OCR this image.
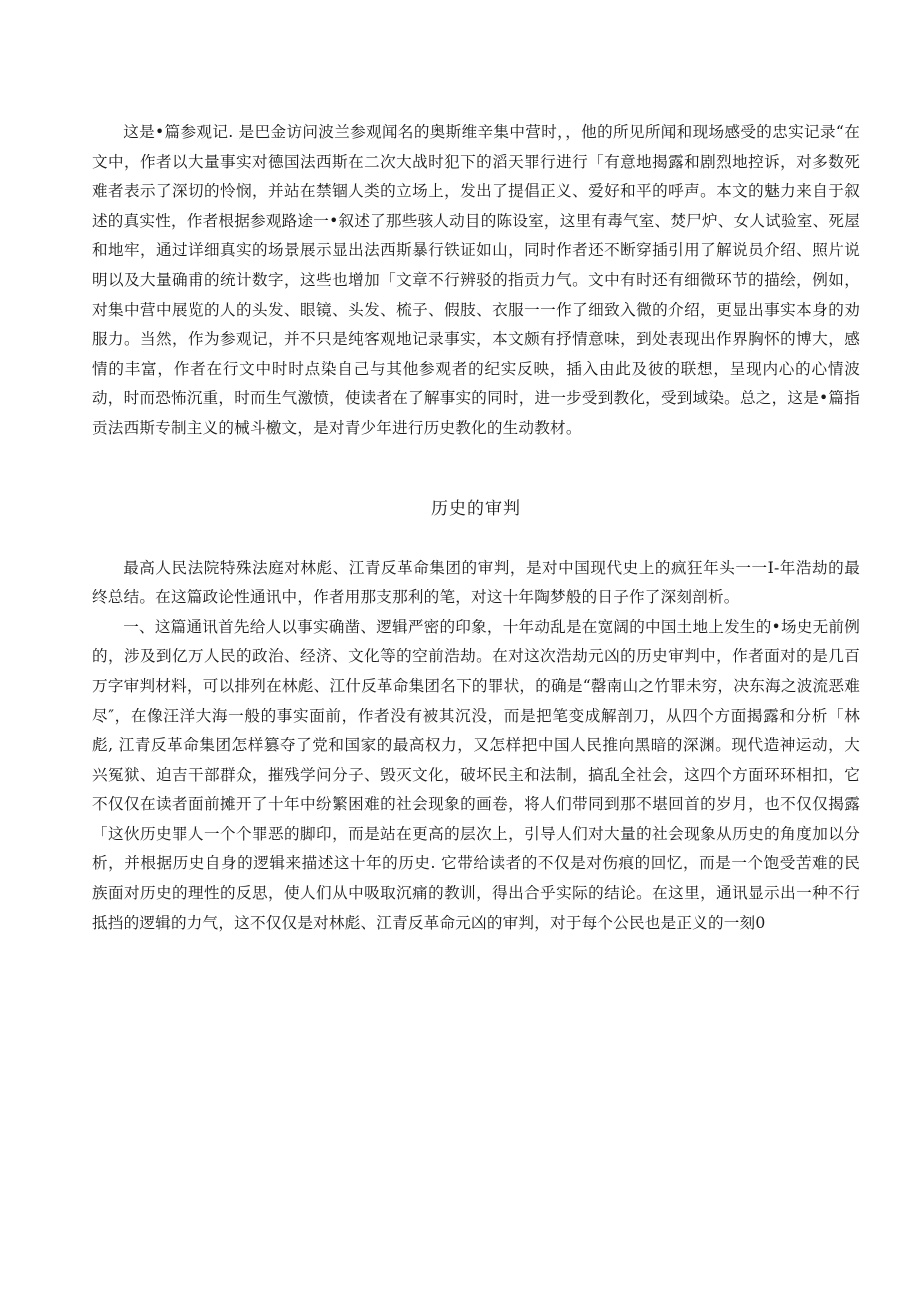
这是•篇参观记. 是巴金访问波兰参观闻名的奥斯维辛集中营时，，他的所见所闻和现场感受的忠实记录“在文中，作者以大量事实对德国法西斯在二次大战时犯下的滔天罪行进行「有意地揭露和剧烈地控诉，对多数死难者表示了深切的怜悯，并站在禁锢人类的立场上，发出了提倡正义、爱好和平的呼声。本文的魅力来自于叙述的真实性，作者根据参观路途一•叙述了那些骇人动目的陈设室，这里有毒气室、焚尸炉、女人试验室、死屋和地牢，通过详细真实的场景展示显出法西斯暴行铁证如山，同时作者还不断穿插引用了解说员介绍、照片说明以及大量确甫的统计数字，这些也增加「文章不行辨驳的指贡力气。文中有时还有细微环节的描绘，例如，对集中营中展览的人的头发、眼镜、头发、梳子、假肢、衣服一一作了细致入微的介绍，更显出事实本身的劝服力。当然，作为参观记，并不只是纯客观地记录事实，本文颇有抒情意味，到处表现出作界胸怀的博大，感情的丰富，作者在行文中时时点染自己与其他参观者的纪实反映，插入由此及彼的联想，呈现内心的心情波动，时而恐怖沉重，时而生气激愤，使读者在了解事实的同时，进一步受到教化，受到域染。总之，这是•篇指贡法西斯专制主义的械斗檄文，是对青少年进行历史教化的生动教材。

历史的审判

最高人民法院特殊法庭对林彪、江青反革命集团的审判，是对中国现代史上的疯狂年头一一I-年浩劫的最终总结。在这篇政论性通讯中，作者用那支那利的笔，对这十年陶梦般的日子作了深刻剖析。

一、这篇通讯首先给人以事实确凿、逻辑严密的印象，十年动乱是在宽阔的中国土地上发生的•场史无前例的，涉及到亿万人民的政治、经济、文化等的空前浩劫。在对这次浩劫元凶的历史审判中，作者面对的是几百万字审判材料，可以排列在林彪、江什反革命集团名下的罪状，的确是“罄南山之竹罪未穷，决东海之波流恶难尽″，在像汪洋大海一般的事实面前，作者没有被其沉没，而是把笔变成解剖刀，从四个方面揭露和分析「林彪, 江青反革命集团怎样篡夺了党和国家的最高权力，又怎样把中国人民推向黑暗的深渊。现代造神运动，大兴冤狱、迫吉干部群众，摧残学问分子、毁灭文化，破坏民主和法制，搞乱全社会，这四个方面环环相扣，它不仅仅在读者面前摊开了十年中纷繁困难的社会现象的画卷，将人们带同到那不堪回首的岁月，也不仅仅揭露「这伙历史罪人一个个罪恶的脚印，而是站在更高的层次上，引导人们对大量的社会现象从历史的角度加以分析，并根据历史自身的逻辑来描述这十年的历史. 它带给读者的不仅是对伤痕的回忆，而是一个饱受苦难的民族面对历史的理性的反思，使人们从中吸取沉痛的教训，得出合乎实际的结论。在这里，通讯显示出一种不行抵挡的逻辑的力气，这不仅仅是对林彪、江青反革命元凶的审判，对于每个公民也是正义的一刻0
